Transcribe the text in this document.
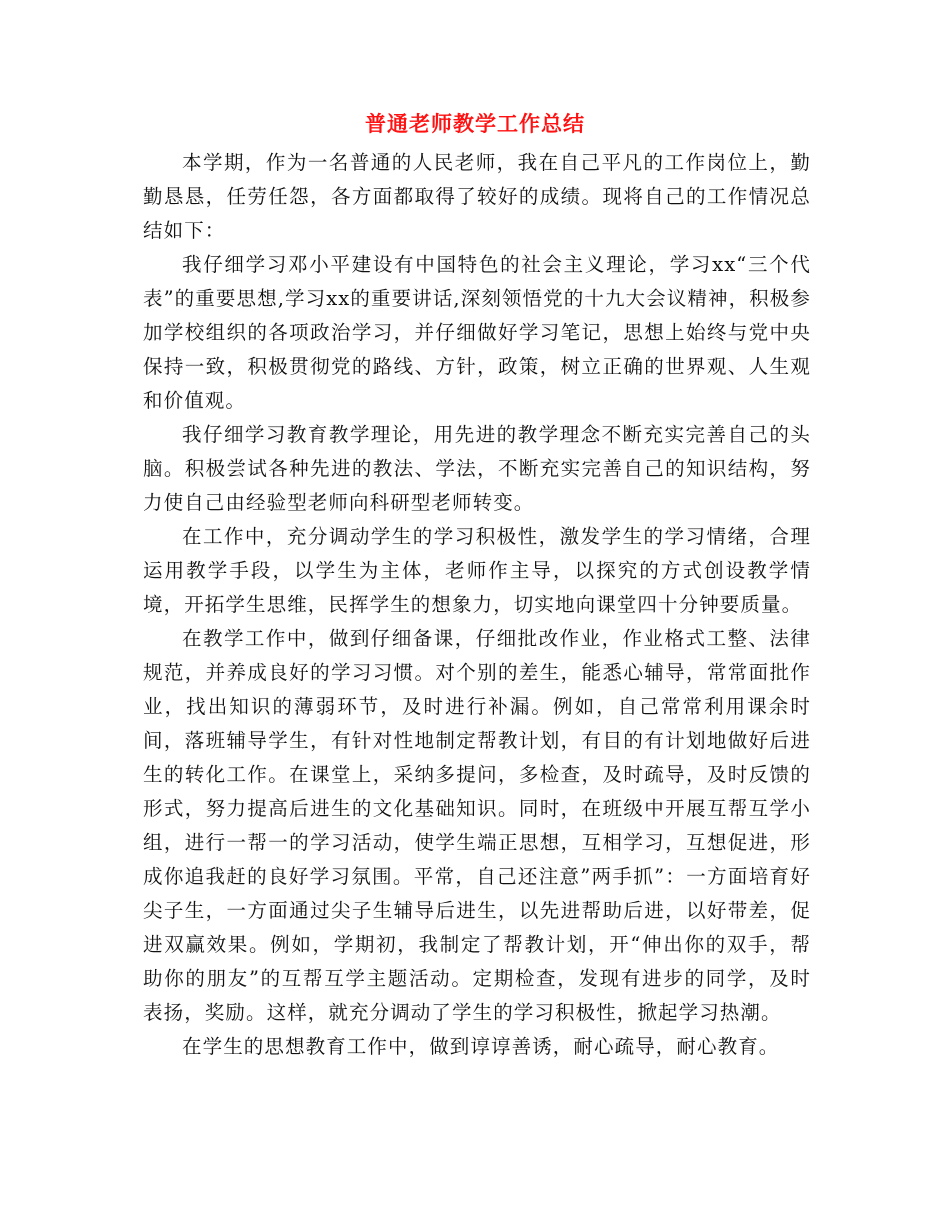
普通老师教学工作总结

本学期，作为一名普通的人民老师，我在自己平凡的工作岗位上，勤勤恳恳，任劳任怨，各方面都取得了较好的成绩。现将自己的工作情况总结如下：

我仔细学习邓小平建设有中国特色的社会主义理论，学习xx“三个代表”的重要思想,学习xx的重要讲话,深刻领悟党的十九大会议精神，积极参加学校组织的各项政治学习，并仔细做好学习笔记，思想上始终与党中央保持一致，积极贯彻党的路线、方针，政策，树立正确的世界观、人生观和价值观。

我仔细学习教育教学理论，用先进的教学理念不断充实完善自己的头脑。积极尝试各种先进的教法、学法，不断充实完善自己的知识结构，努力使自己由经验型老师向科研型老师转变。

在工作中，充分调动学生的学习积极性，激发学生的学习情绪，合理运用教学手段，以学生为主体，老师作主导，以探究的方式创设教学情境，开拓学生思维，民挥学生的想象力，切实地向课堂四十分钟要质量。

在教学工作中，做到仔细备课，仔细批改作业，作业格式工整、法律规范，并养成良好的学习习惯。对个别的差生，能悉心辅导，常常面批作业，找出知识的薄弱环节，及时进行补漏。例如，自己常常利用课余时间，落班辅导学生，有针对性地制定帮教计划，有目的有计划地做好后进生的转化工作。在课堂上，采纳多提问，多检查，及时疏导，及时反馈的形式，努力提高后进生的文化基础知识。同时，在班级中开展互帮互学小组，进行一帮一的学习活动，使学生端正思想，互相学习，互想促进，形成你追我赶的良好学习氛围。平常，自己还注意”两手抓”：一方面培育好尖子生，一方面通过尖子生辅导后进生，以先进帮助后进，以好带差，促进双赢效果。例如，学期初，我制定了帮教计划，开“伸出你的双手，帮助你的朋友”的互帮互学主题活动。定期检查，发现有进步的同学，及时表扬，奖励。这样，就充分调动了学生的学习积极性，掀起学习热潮。

在学生的思想教育工作中，做到谆谆善诱，耐心疏导，耐心教育。
